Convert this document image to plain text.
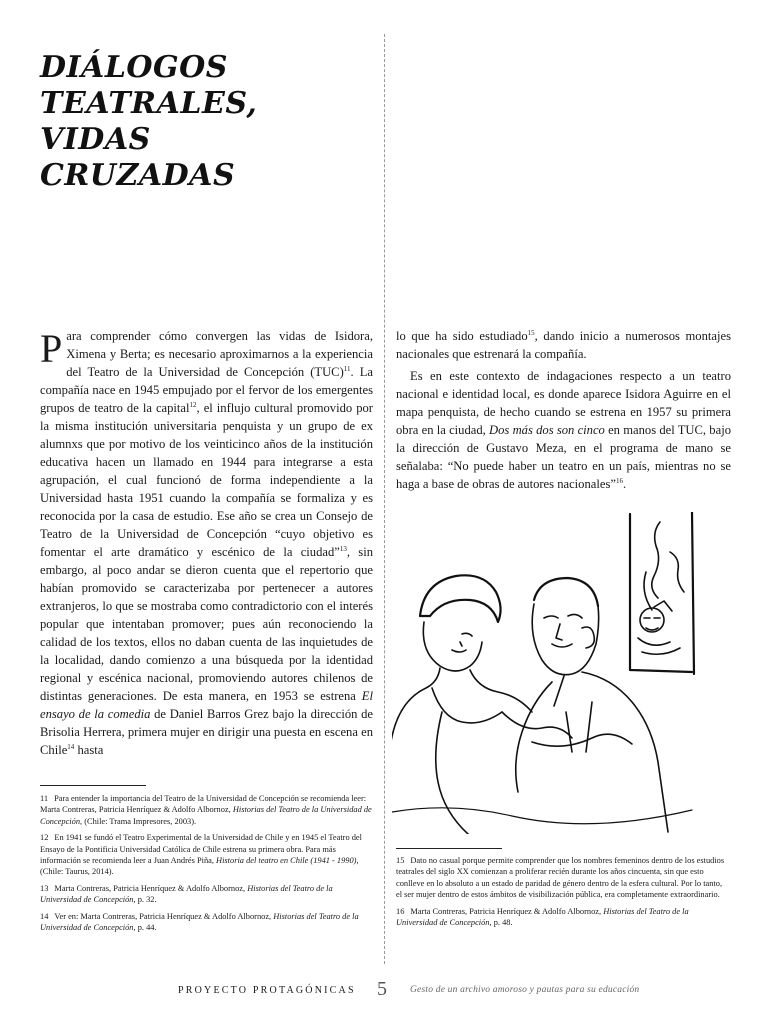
DIÁLOGOS
TEATRALES,
VIDAS
CRUZADAS

Para comprender cómo convergen las vidas de Isidora, Ximena y Berta; es necesario aproximarnos a la experiencia del Teatro de la Universidad de Concepción (TUC)$^{11}$. La compañía nace en 1945 empujado por el fervor de los emergentes grupos de teatro de la capital$^{12}$, el influjo cultural promovido por la misma institución universitaria penquista y un grupo de ex alumnxs que por motivo de los veinticinco años de la institución educativa hacen un llamado en 1944 para integrarse a esta agrupación, el cual funcionó de forma independiente a la Universidad hasta 1951 cuando la compañía se formaliza y es reconocida por la casa de estudio. Ese año se crea un Consejo de Teatro de la Universidad de Concepción “cuyo objetivo es fomentar el arte dramático y escénico de la ciudad”$^{13}$, sin embargo, al poco andar se dieron cuenta que el repertorio que habían promovido se caracterizaba por pertenecer a autores extranjeros, lo que se mostraba como contradictorio con el interés popular que intentaban promover; pues aún reconociendo la calidad de los textos, ellos no daban cuenta de las inquietudes de la localidad, dando comienzo a una búsqueda por la identidad regional y escénica nacional, promoviendo autores chilenos de distintas generaciones. De esta manera, en 1953 se estrena El ensayo de la comedia de Daniel Barros Grez bajo la dirección de Brisolia Herrera, primera mujer en dirigir una puesta en escena en Chile$^{14}$ hasta

lo que ha sido estudiado$^{15}$, dando inicio a numerosos montajes nacionales que estrenará la compañía.

Es en este contexto de indagaciones respecto a un teatro nacional e identidad local, es donde aparece Isidora Aguirre en el mapa penquista, de hecho cuando se estrena en 1957 su primera obra en la ciudad, Dos más dos son cinco en manos del TUC, bajo la dirección de Gustavo Meza, en el programa de mano se señalaba: “No puede haber un teatro en un país, mientras no se haga a base de obras de autores nacionales”$^{16}$.

11 Para entender la importancia del Teatro de la Universidad de Concepción se recomienda leer: Marta Contreras, Patricia Henríquez & Adolfo Albornoz, Historias del Teatro de la Universidad de Concepción, (Chile: Trama Impresores, 2003).

12 En 1941 se fundó el Teatro Experimental de la Universidad de Chile y en 1945 el Teatro del Ensayo de la Pontificia Universidad Católica de Chile estrena su primera obra. Para más información se recomienda leer a Juan Andrés Piña, Historia del teatro en Chile (1941 - 1990), (Chile: Taurus, 2014).

13 Marta Contreras, Patricia Henríquez & Adolfo Albornoz, Historias del Teatro de la Universidad de Concepción, p. 32.

14 Ver en: Marta Contreras, Patricia Henríquez & Adolfo Albornoz, Historias del Teatro de la Universidad de Concepción, p. 44.

15 Dato no casual porque permite comprender que los nombres femeninos dentro de los estudios teatrales del siglo XX comienzan a proliferar recién durante los años cincuenta, sin que esto conlleve en lo absoluto a un estado de paridad de género dentro de la esfera cultural. Por lo tanto, el ser mujer dentro de estos ámbitos de visibilización pública, era completamente extraordinario.

16 Marta Contreras, Patricia Henríquez & Adolfo Albornoz, Historias del Teatro de la Universidad de Concepción, p. 48.

PROYECTO PROTAGÓNICAS 5 Gesto de un archivo amoroso y pautas para su educación
